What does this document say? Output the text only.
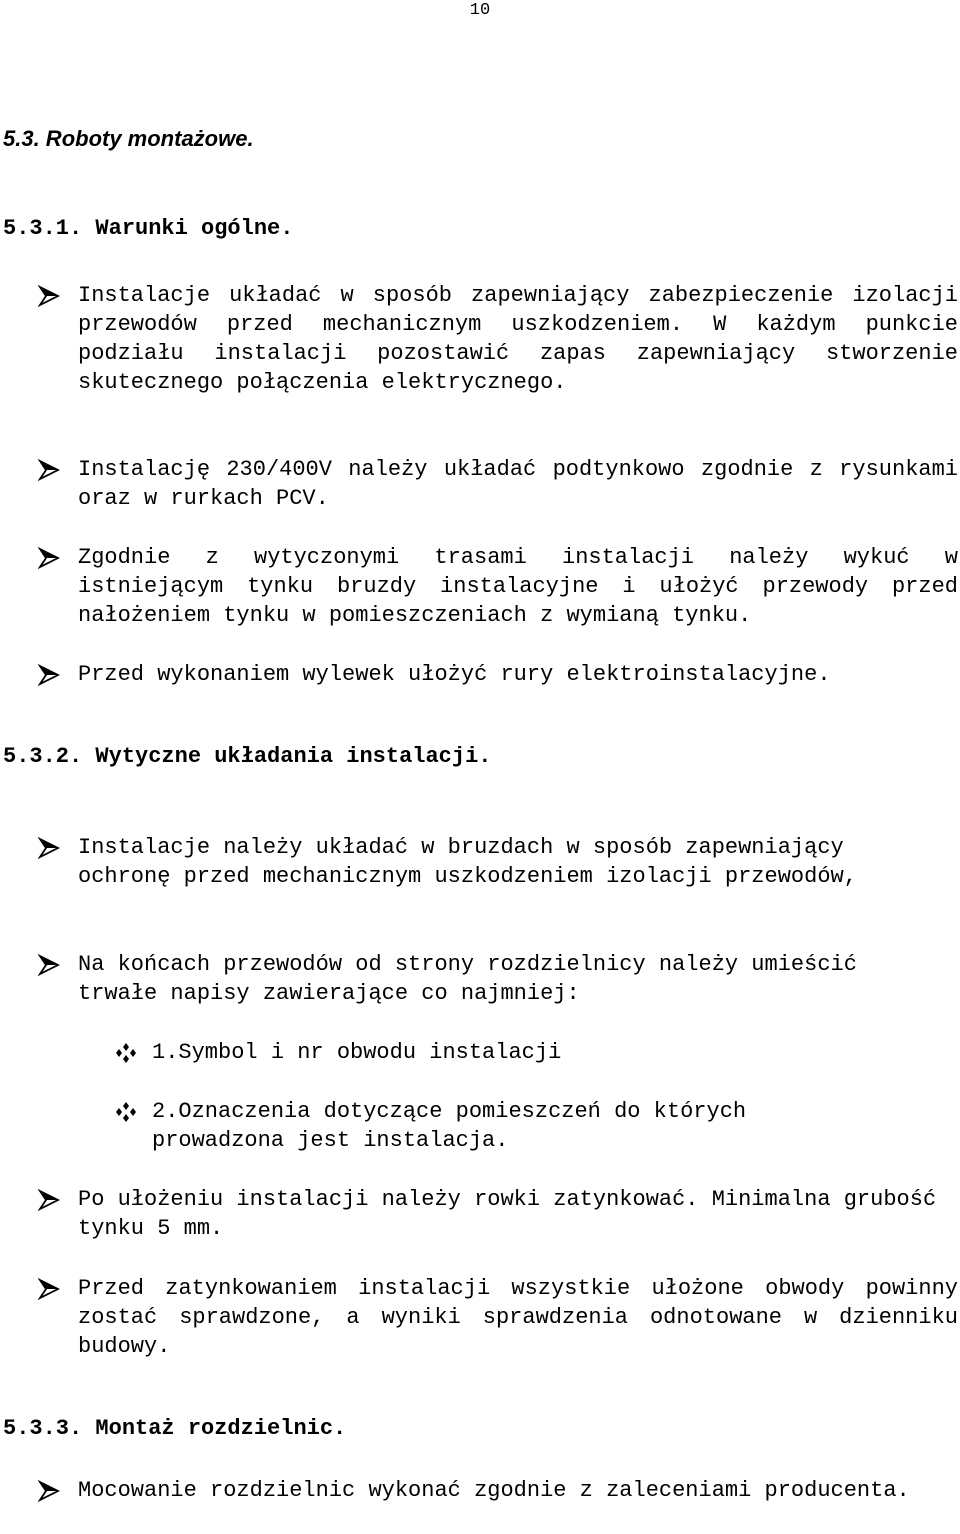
10
5.3. Roboty montażowe.
5.3.1. Warunki ogólne.
Instalacje układać w sposób zapewniający zabezpieczenie izolacji przewodów przed mechanicznym uszkodzeniem. W każdym punkcie podziału instalacji pozostawić zapas zapewniający stworzenie skutecznego połączenia elektrycznego.
Instalację 230/400V należy układać podtynkowo zgodnie z rysunkami oraz w rurkach PCV.
Zgodnie z wytyczonymi trasami instalacji należy wykuć w istniejącym tynku bruzdy instalacyjne i ułożyć przewody przed nałożeniem tynku w pomieszczeniach z wymianą tynku.
Przed wykonaniem wylewek ułożyć rury elektroinstalacyjne.
5.3.2. Wytyczne układania instalacji.
Instalacje należy układać w bruzdach w sposób zapewniający ochronę przed mechanicznym uszkodzeniem izolacji przewodów,
Na końcach przewodów od strony rozdzielnicy należy umieścić trwałe napisy zawierające co najmniej:
1.Symbol i nr obwodu instalacji
2.Oznaczenia dotyczące pomieszczeń do których prowadzona jest instalacja.
Po ułożeniu instalacji należy rowki zatynkować. Minimalna grubość tynku 5 mm.
Przed zatynkowaniem instalacji wszystkie ułożone obwody powinny zostać sprawdzone, a wyniki sprawdzenia odnotowane w dzienniku budowy.
5.3.3. Montaż rozdzielnic.
Mocowanie rozdzielnic wykonać zgodnie z zaleceniami producenta.
